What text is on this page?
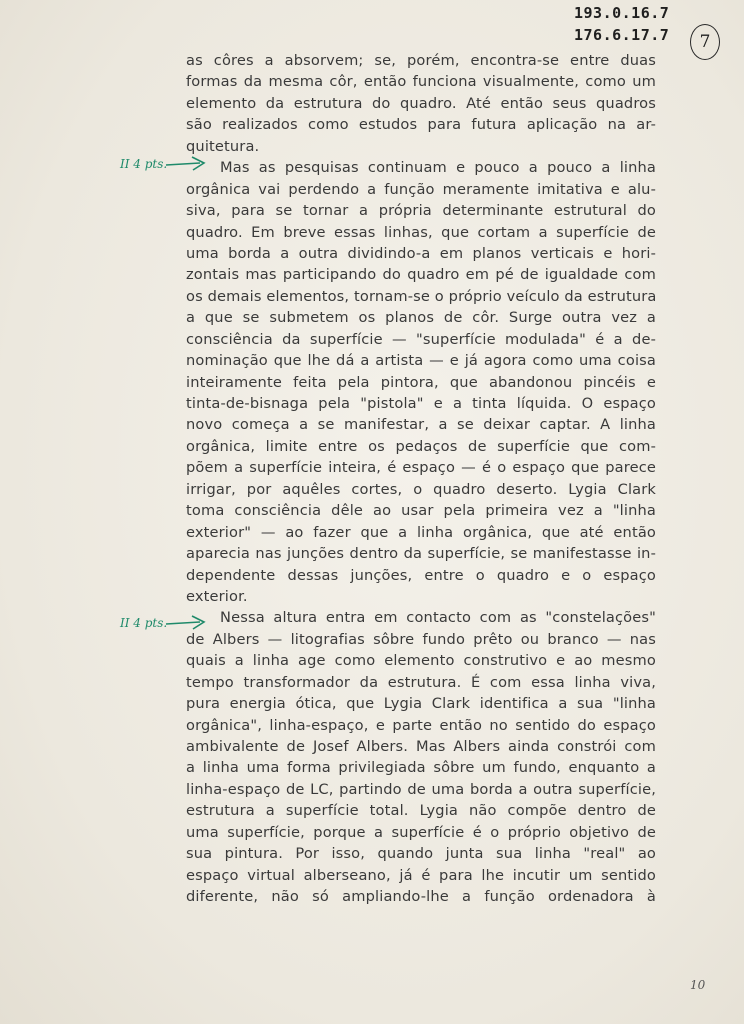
193.0.16.7
176.6.17.7 7
II 4 pts.
II 4 pts.
as côres a absorvem; se, porém, encontra-se entre duas
formas da mesma côr, então funciona visualmente, como um
elemento da estrutura do quadro. Até então seus quadros
são realizados como estudos para futura aplicação na ar-
quitetura.
Mas as pesquisas continuam e pouco a pouco a linha
orgânica vai perdendo a função meramente imitativa e alu-
siva, para se tornar a própria determinante estrutural do
quadro. Em breve essas linhas, que cortam a superfície de
uma borda a outra dividindo-a em planos verticais e hori-
zontais mas participando do quadro em pé de igualdade com
os demais elementos, tornam-se o próprio veículo da estrutura
a que se submetem os planos de côr. Surge outra vez a
consciência da superfície — "superfície modulada" é a de-
nominação que lhe dá a artista — e já agora como uma coisa
inteiramente feita pela pintora, que abandonou pincéis e
tinta-de-bisnaga pela "pistola" e a tinta líquida. O espaço
novo começa a se manifestar, a se deixar captar. A linha
orgânica, limite entre os pedaços de superfície que com-
põem a superfície inteira, é espaço — é o espaço que parece
irrigar, por aquêles cortes, o quadro deserto. Lygia Clark
toma consciência dêle ao usar pela primeira vez a "linha
exterior" — ao fazer que a linha orgânica, que até então
aparecia nas junções dentro da superfície, se manifestasse in-
dependente dessas junções, entre o quadro e o espaço
exterior.
Nessa altura entra em contacto com as "constelações"
de Albers — litografias sôbre fundo prêto ou branco — nas
quais a linha age como elemento construtivo e ao mesmo
tempo transformador da estrutura. É com essa linha viva,
pura energia ótica, que Lygia Clark identifica a sua "linha
orgânica", linha-espaço, e parte então no sentido do espaço
ambivalente de Josef Albers. Mas Albers ainda constrói com
a linha uma forma privilegiada sôbre um fundo, enquanto a
linha-espaço de LC, partindo de uma borda a outra superfície,
estrutura a superfície total. Lygia não compõe dentro de
uma superfície, porque a superfície é o próprio objetivo de
sua pintura. Por isso, quando junta sua linha "real" ao
espaço virtual alberseano, já é para lhe incutir um sentido
diferente, não só ampliando-lhe a função ordenadora à
10
